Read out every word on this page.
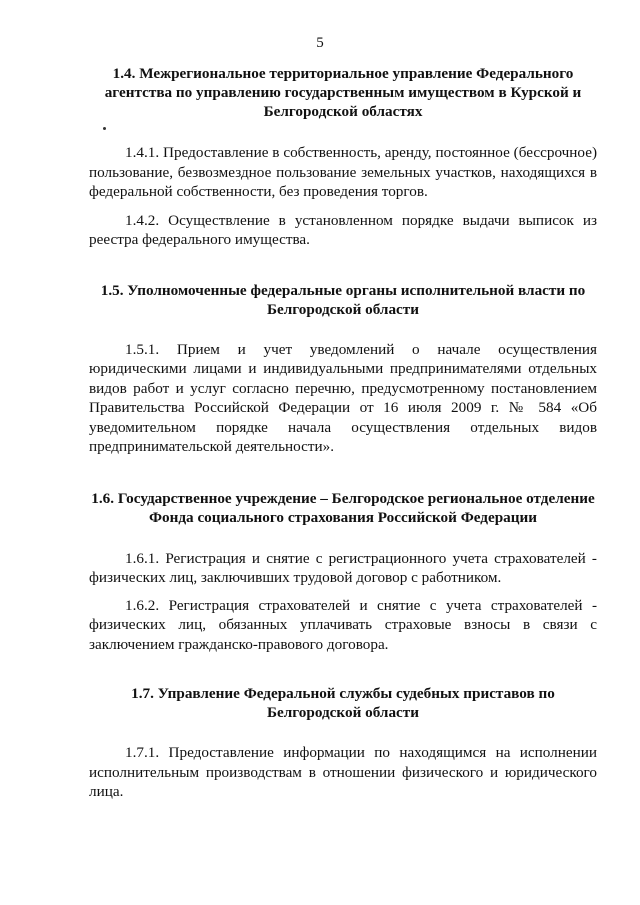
5
1.4. Межрегиональное территориальное управление Федерального агентства по управлению государственным имуществом в Курской и Белгородской областях

1.4.1. Предоставление в собственность, аренду, постоянное (бессрочное) пользование, безвозмездное пользование земельных участков, находящихся в федеральной собственности, без проведения торгов.

1.4.2. Осуществление в установленном порядке выдачи выписок из реестра федерального имущества.

1.5. Уполномоченные федеральные органы исполнительной власти по Белгородской области

1.5.1. Прием и учет уведомлений о начале осуществления юридическими лицами и индивидуальными предпринимателями отдельных видов работ и услуг согласно перечню, предусмотренному постановлением Правительства Российской Федерации от 16 июля 2009 г. № 584 «Об уведомительном порядке начала осуществления отдельных видов предпринимательской деятельности».

1.6. Государственное учреждение – Белгородское региональное отделение Фонда социального страхования Российской Федерации

1.6.1. Регистрация и снятие с регистрационного учета страхователей - физических лиц, заключивших трудовой договор с работником.

1.6.2. Регистрация страхователей и снятие с учета страхователей - физических лиц, обязанных уплачивать страховые взносы в связи с заключением гражданско-правового договора.

1.7. Управление Федеральной службы судебных приставов по Белгородской области

1.7.1. Предоставление информации по находящимся на исполнении исполнительным производствам в отношении физического и юридического лица.
